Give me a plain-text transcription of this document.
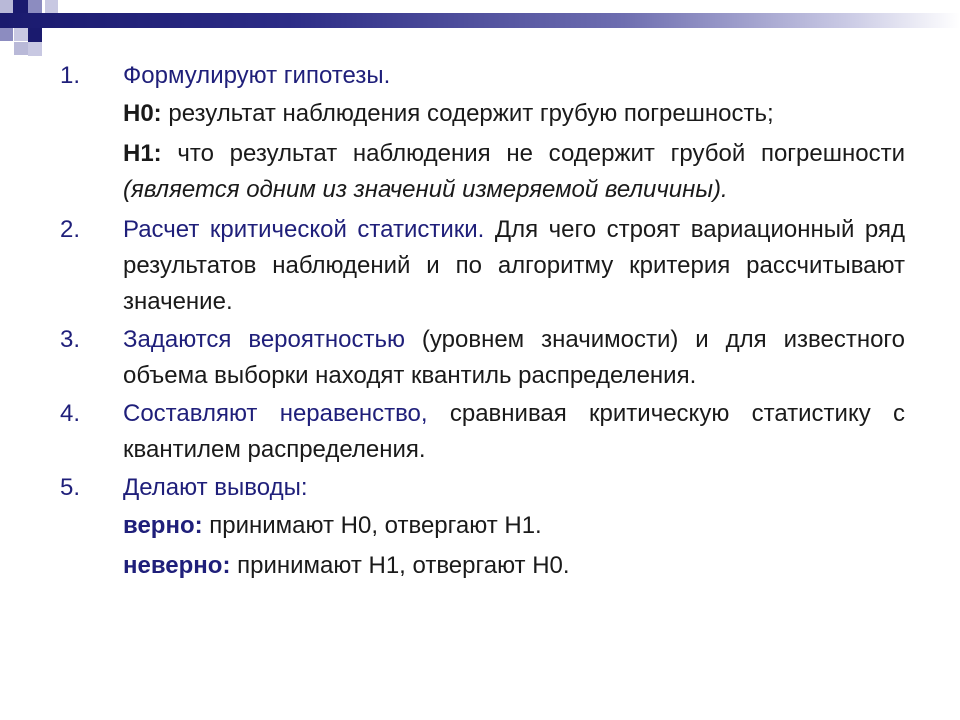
1.	Формулируют гипотезы.
Н0: результат наблюдения содержит грубую погрешность;
Н1: что результат наблюдения не содержит грубой погрешности (является одним из значений измеряемой величины).
2.	Расчет критической статистики. Для чего строят вариационный ряд результатов наблюдений и по алгоритму критерия рассчитывают значение.
3.	Задаются вероятностью (уровнем значимости) и для известного объема выборки находят квантиль распределения.
4.	Составляют неравенство, сравнивая критическую статистику с квантилем распределения.
5.	Делают выводы:
верно: принимают Н0, отвергают Н1.
неверно: принимают Н1, отвергают Н0.
